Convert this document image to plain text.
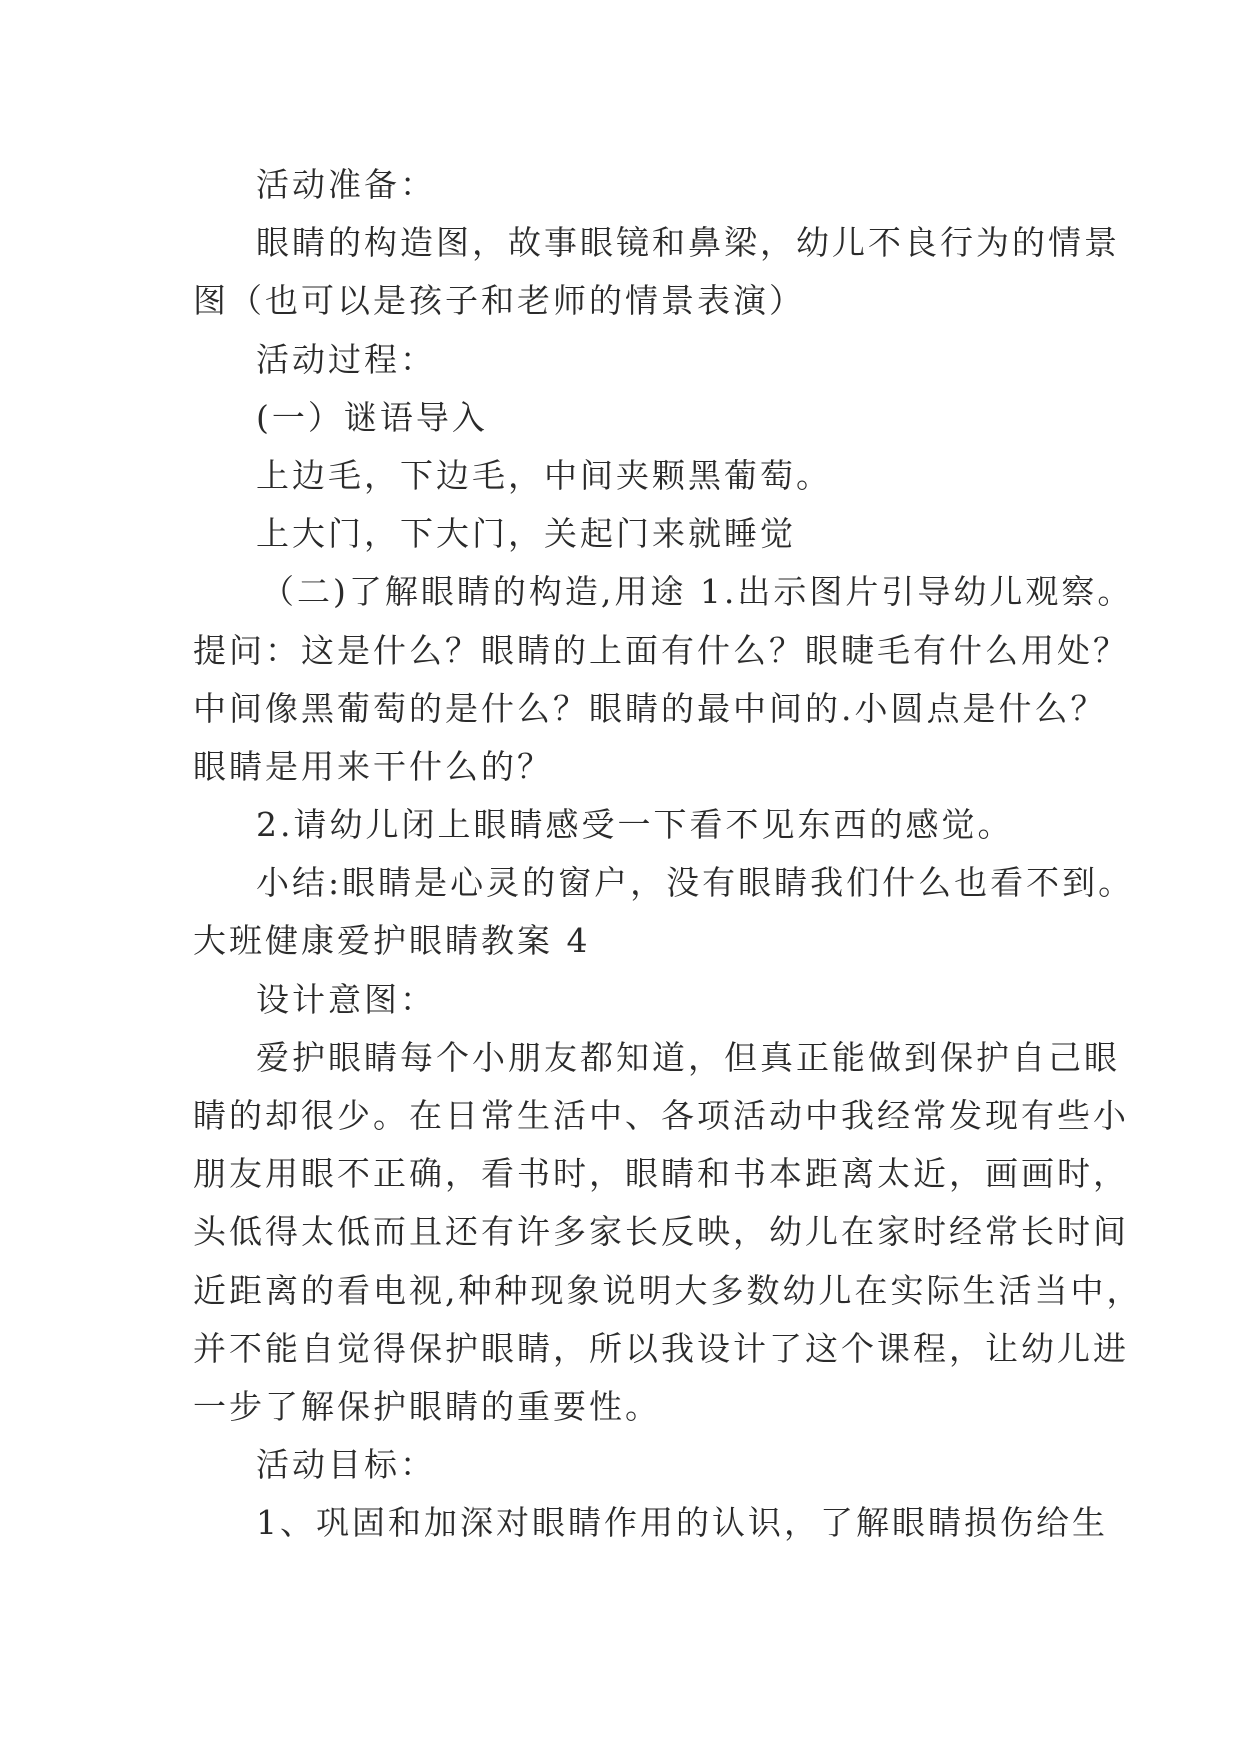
活动准备：
眼睛的构造图，故事眼镜和鼻梁，幼儿不良行为的情景
图（也可以是孩子和老师的情景表演）
活动过程：
(一）谜语导入
上边毛，下边毛，中间夹颗黑葡萄。
上大门，下大门，关起门来就睡觉
（二)了解眼睛的构造,用途 1.出示图片引导幼儿观察。
提问：这是什么？眼睛的上面有什么？眼睫毛有什么用处？
中间像黑葡萄的是什么？眼睛的最中间的.小圆点是什么？
眼睛是用来干什么的？
2.请幼儿闭上眼睛感受一下看不见东西的感觉。
小结:眼睛是心灵的窗户，没有眼睛我们什么也看不到。
大班健康爱护眼睛教案 4
设计意图：
爱护眼睛每个小朋友都知道，但真正能做到保护自己眼
睛的却很少。在日常生活中、各项活动中我经常发现有些小
朋友用眼不正确，看书时，眼睛和书本距离太近，画画时，
头低得太低而且还有许多家长反映，幼儿在家时经常长时间
近距离的看电视,种种现象说明大多数幼儿在实际生活当中，
并不能自觉得保护眼睛，所以我设计了这个课程，让幼儿进
一步了解保护眼睛的重要性。
活动目标：
1、巩固和加深对眼睛作用的认识，了解眼睛损伤给生
